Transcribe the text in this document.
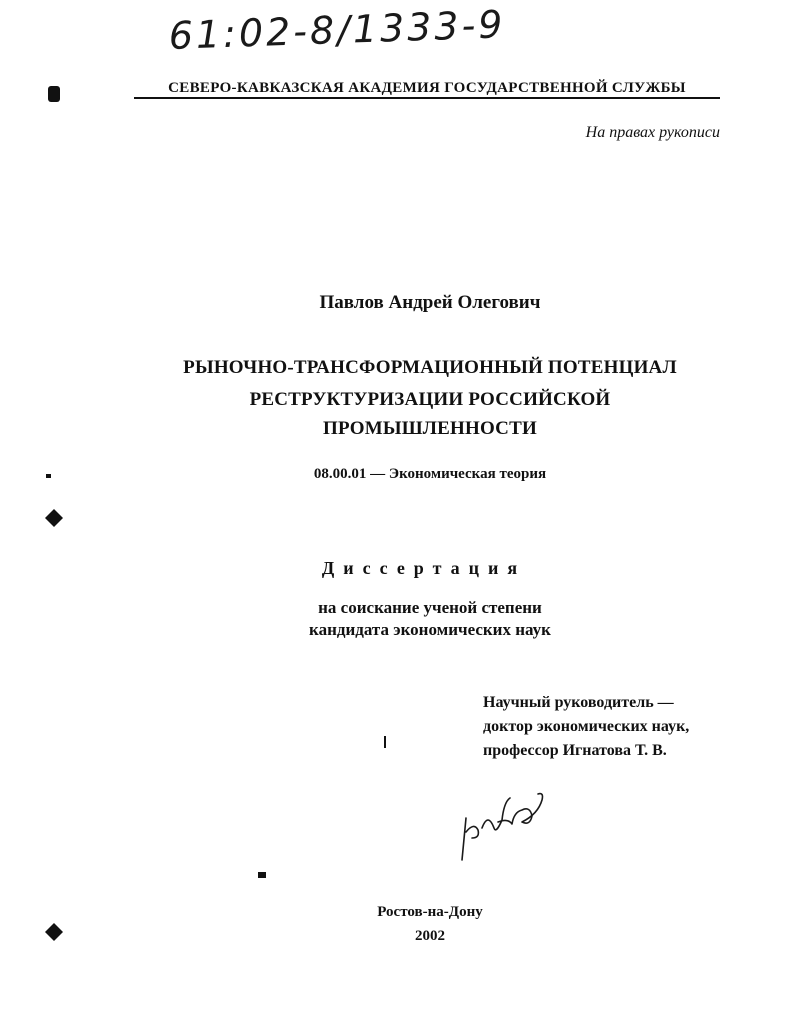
61:02-8/1333-9
СЕВЕРО-КАВКАЗСКАЯ АКАДЕМИЯ ГОСУДАРСТВЕННОЙ СЛУЖБЫ
На правах рукописи
Павлов Андрей Олегович
РЫНОЧНО-ТРАНСФОРМАЦИОННЫЙ ПОТЕНЦИАЛ
РЕСТРУКТУРИЗАЦИИ РОССИЙСКОЙ
ПРОМЫШЛЕННОСТИ
08.00.01 — Экономическая теория
Диссертация
на соискание ученой степени
кандидата экономических наук
Научный руководитель —
доктор экономических наук,
профессор Игнатова Т. В.
Ростов-на-Дону
2002
